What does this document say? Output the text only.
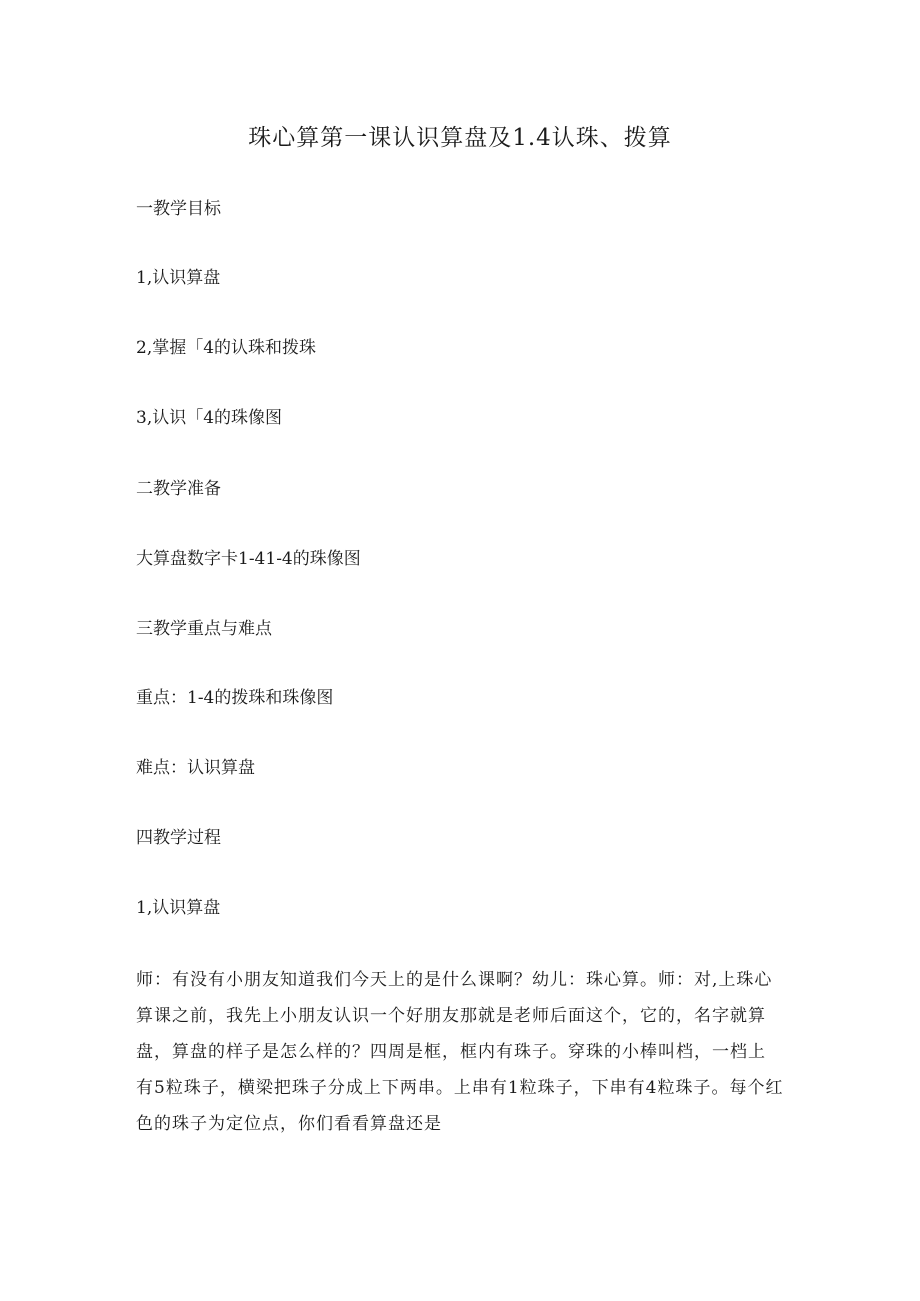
珠心算第一课认识算盘及1.4认珠、拨算
一教学目标
1,认识算盘
2,掌握「4的认珠和拨珠
3,认识「4的珠像图
二教学准备
大算盘数字卡1-41-4的珠像图
三教学重点与难点
重点：1-4的拨珠和珠像图
难点：认识算盘
四教学过程
1,认识算盘
师：有没有小朋友知道我们今天上的是什么课啊？幼儿：珠心算。师：对,上珠心
算课之前，我先上小朋友认识一个好朋友那就是老师后面这个，它的，名字就算
盘，算盘的样子是怎么样的？四周是框，框内有珠子。穿珠的小棒叫档，一档上
有5粒珠子，横梁把珠子分成上下两串。上串有1粒珠子，下串有4粒珠子。每个红
色的珠子为定位点，你们看看算盘还是
